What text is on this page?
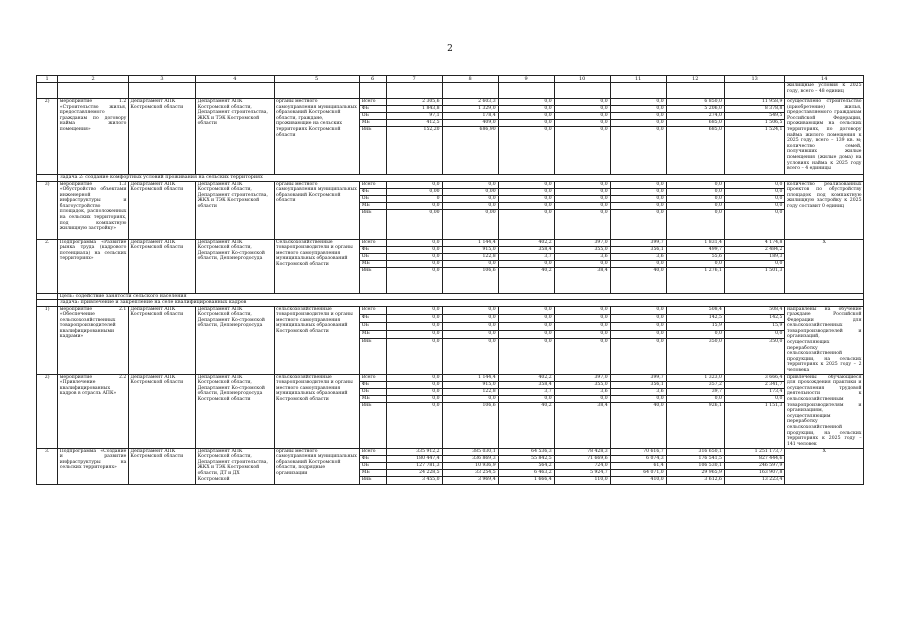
2
1	2	3	4	5	6	7	8	9	10	11	12	13	14
													жилищные условия к 2025 году, всего – 48 единиц
2)	мероприятие 1.2 «Строительство жилья, предоставляемого гражданам по договору найма жилого помещения»	Департамент АПК Костромской области	Департамент АПК Костромской области, Департамент строительства, ЖКХ и ТЭК Костромской области	органы местного самоуправления муниципальных образований Костромской области, граждане, проживающие на сельских территориях Костромской области	Всего	2 305,6	2 603,3	0,0	0,0	0,0	6 850,0	11 958,9	осуществлено строительство (приобретение) жилья, предоставляемого гражданам Российской Федерации, проживающим на сельских территориях, по договору найма жилого помещения к 2025 году, всего – 139 кв. м; количество семей, получивших жилые помещения (жилые дома) на условиях найма к 2025 году всего – 4 единицы
					ФБ	1 843,8	1 329,0	0,0	0,0	0,0	5 206,0	8 378,8	
					ОБ	97,1	178,4	0,0	0,0	0,0	274,0	549,5	
					МБ	412,5	409,0	0,0	0,0	0,0	685,0	1 506,5	
					ВнБ	152,20	686,90	0,0	0,0	0,0	685,0	1 524,1	
	Задача 2: создание комфортных условий проживания на сельских территориях												
3)	мероприятие 1.3 «Обустройство объектами инженерной инфраструктуры и благоустройство площадок, расположенных на сельских территориях, под компактную жилищную застройку»	Департамент АПК Костромской области	Департамент АПК Костромской области, Департамент строительства, ЖКХ и ТЭК Костромской области	органы местного самоуправления муниципальных образований Костромской области	Всего	0,0	0,0	0,0	0,0	0,0	0,0	0,0	количество реализованных проектов по обустройству площадок под компактную жилищную застройку к 2025 году составит 0 единиц
					ФБ	0,00	0,00	0,0	0,0	0,0	0,0	0,0	
					ОБ	0	0,0	0,0	0,0	0,0	0,0	0,0	
					МБ	0,0	0,0	0,0	0,0	0,0	0,0	0,0	
					ВнБ	0,00	0,00	0,0	0,0	0,0	0,0	0,0	
2.	Подпрограмма «Развитие рынка труда (кадрового потенциала) на сельских территориях»	Департамент АПК Костромской области	Департамент АПК Костромской области, Департамент Ко-стромской области, Депэнергодосуда	Сельскохозяйственные товаропроизводители и органы местного самоуправления муниципальных образований Костромской области	Всего	0,0	1 144,4	402,2	397,0	399,7	1 831,4	4 174,8	Х
					ФБ	0,0	915,0	358,4	355,0	356,1	499,7	2 484,2	
					ОБ	0,0	122,8	3,7	3,6	3,6	55,6	189,3	
					МБ	0,0	0,0	0,0	0,0	0,0	0,0	0,0	
					ВнБ	0,0	106,6	40,2	38,4	40,0	1 276,1	1 501,3	
	Цель: содействие занятости сельского населения												
	Задача: привлечение и закрепление на селе квалифицированных кадров												
1)	мероприятие 2.1 «Обеспечение сельскохозяйственных товаропроизводителей квалифицированными кадрами»	Департамент АПК Костромской области	Департамент АПК Костромской области, Департамент Ко-стромской области, Депэнергодосуда	сельскохозяйственные товаропроизводители и органы местного самоуправления муниципальных образований Костромской области	Всего	0,0	0,0	0,0	0,0	0,0	508,4	508,4	направлены на обучение граждане Российской Федерации для сельскохозяйственных товаропроизводителей и организаций, осуществляющих переработку сельскохозяйственной продукции, на сельских территориях к 2025 году – 2 человека
					ФБ	0,0	0,0	0,0	0,0	0,0	142,5	142,5	
					ОБ	0,0	0,0	0,0	0,0	0,0	15,9	15,9	
					МБ	0,0	0,0	0,0	0,0	0,0	0,0	0,0	
					ВнБ	0,0	0,0	0,0	0,0	0,0	350,0	350,0	
2)	мероприятие 2.2 «Привлечение квалифицированных кадров в отрасль АПК»	Департамент АПК Костромской области	Департамент АПК Костромской области, Департамент Ко-стромской области, Депэнергодосуда Костромской области	сельскохозяйственные товаропроизводители и органы местного самоуправления муниципальных образований Костромской области	Всего	0,0	1 144,4	402,2	397,0	399,7	1 323,0	3 666,4	привлечены обучающиеся для прохождения практики и осуществления трудовой деятельности к сельскохозяйственным товаропроизводителям и организациям, осуществляющим переработку сельскохозяйственной продукции, на сельских территориях к 2025 году – 141 человек
					ФБ	0,0	915,0	358,4	355,0	356,1	357,2	2 341,7	
					ОБ	0,0	122,8	3,7	3,6	3,6	39,7	173,4	
					МБ	0,0	0,0	0,0	0,0	0,0	0,0	0,0	
					ВнБ	0,0	106,6	40,2	38,4	40,0	926,1	1 151,3	
3.	Подпрограмма «Создание и развитие инфраструктуры на сельских территориях»	Департамент АПК Костромской области	Департамент АПК Костромской области, Департамент строительства, ЖКХ и ТЭК Костромской области, ДТ и ДХ Костромской	органы местного самоуправления муниципальных образований Костромской области, подрядные организации	Всего	335 912,2	385 030,1	64 536,3	78 428,3	70 616,7	316 650,1	1 251 173,7	Х
					ФБ	180 447,4	336 869,3	55 842,5	71 669,6	6 074,3	176 541,5	827 444,6	
					ОБ	127 781,3	10 936,9	564,2	724,0	61,4	106 530,1	246 597,9	
					МБ	24 228,5	33 254,5	6 463,2	5 924,7	64 071,0	29 965,9	163 907,8	
					ВнБ	3 455,0	3 969,4	1 666,4	110,0	410,0	3 612,6	13 223,4	
